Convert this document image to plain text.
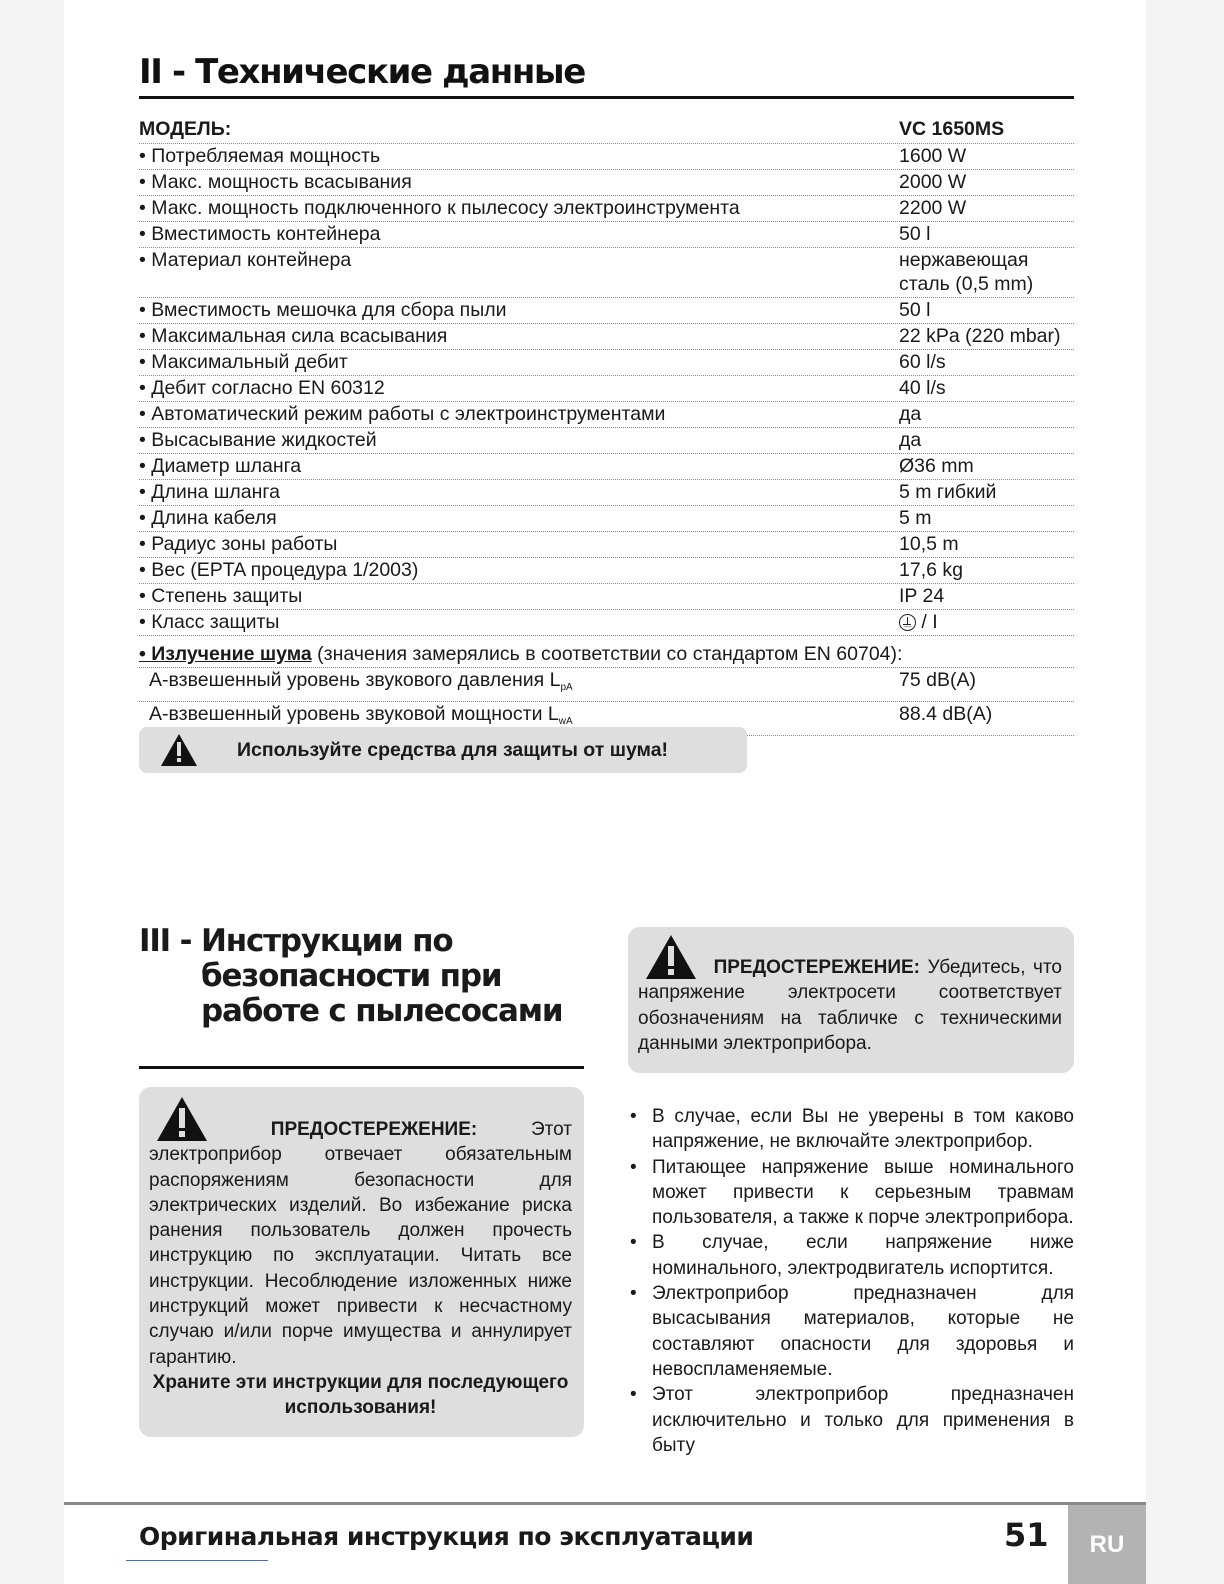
II - Технические данные
МОДЕЛЬ:	VC 1650MS
• Потребляемая мощность	1600 W
• Макс. мощность всасывания	2000 W
• Макс. мощность подключенного к пылесосу электроинструмента	2200 W
• Вместимость контейнера	50 l
• Материал контейнера	нержавеющая сталь (0,5 mm)
• Вместимость мешочка для сбора пыли	50 l
• Максимальная сила всасывания	22 kPa (220 mbar)
• Максимальный дебит	60 l/s
• Дебит согласно EN 60312	40 l/s
• Автоматический режим работы с электроинструментами	да
• Высасывание жидкостей	да
• Диаметр шланга	Ø36 mm
• Длина шланга	5 m гибкий
• Длина кабеля	5 m
• Радиус зоны работы	10,5 m
• Вес (EPTA процедура 1/2003)	17,6 kg
• Степень защиты	IP 24
• Класс защиты	/ I
• Излучение шума (значения замерялись в соответствии со стандартом EN 60704):
A-взвешенный уровень звукового давления $L_{pA}$	75 dB(A)
A-взвешенный уровень звуковой мощности $L_{wA}$	88.4 dB(A)
Используйте средства для защиты от шума!
III - Инструкции по безопасности при работе с пылесосами
ПРЕДОСТЕРЕЖЕНИЕ: Убедитесь, что напряжение электросети соответствует обозначениям на табличке с техническими данными электроприбора.
ПРЕДОСТЕРЕЖЕНИЕ: Этот электроприбор отвечает обязательным распоряжениям безопасности для электрических изделий. Во избежание риска ранения пользователь должен прочесть инструкцию по эксплуатации. Читать все инструкции. Несоблюдение изложенных ниже инструкций может привести к несчастному случаю и/или порче имущества и аннулирует гарантию.
Храните эти инструкции для последующего использования!
• В случае, если Вы не уверены в том каково напряжение, не включайте электроприбор.
• Питающее напряжение выше номинального может привести к серьезным травмам пользователя, а также к порче электроприбора.
• В случае, если напряжение ниже номинального, электродвигатель испортится.
• Электроприбор предназначен для высасывания материалов, которые не составляют опасности для здоровья и невоспламеняемые.
• Этот электроприбор предназначен исключительно и только для применения в быту
Оригинальная инструкция по эксплуатации	51	RU
